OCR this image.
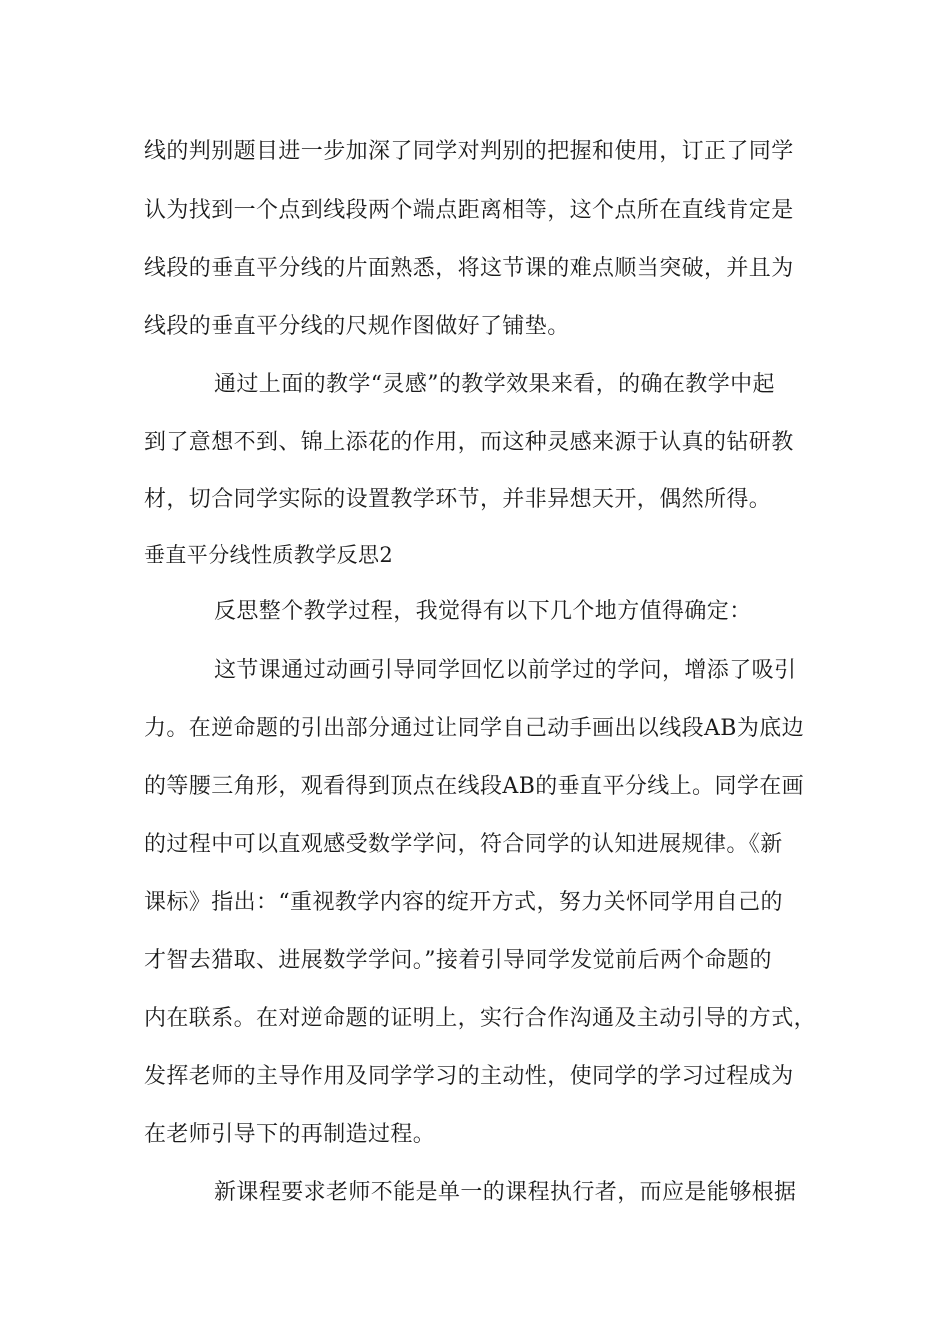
线的判别题目进一步加深了同学对判别的把握和使用，订正了同学
认为找到一个点到线段两个端点距离相等，这个点所在直线肯定是
线段的垂直平分线的片面熟悉，将这节课的难点顺当突破，并且为
线段的垂直平分线的尺规作图做好了铺垫。
通过上面的教学“灵感”的教学效果来看，的确在教学中起
到了意想不到、锦上添花的作用，而这种灵感来源于认真的钻研教
材，切合同学实际的设置教学环节，并非异想天开，偶然所得。
垂直平分线性质教学反思2
反思整个教学过程，我觉得有以下几个地方值得确定：
这节课通过动画引导同学回忆以前学过的学问，增添了吸引
力。在逆命题的引出部分通过让同学自己动手画出以线段AB为底边
的等腰三角形，观看得到顶点在线段AB的垂直平分线上。同学在画
的过程中可以直观感受数学学问，符合同学的认知进展规律。《新
课标》指出：“重视教学内容的绽开方式，努力关怀同学用自己的
才智去猎取、进展数学学问。”接着引导同学发觉前后两个命题的
内在联系。在对逆命题的证明上，实行合作沟通及主动引导的方式，
发挥老师的主导作用及同学学习的主动性，使同学的学习过程成为
在老师引导下的再制造过程。
新课程要求老师不能是单一的课程执行者，而应是能够根据
